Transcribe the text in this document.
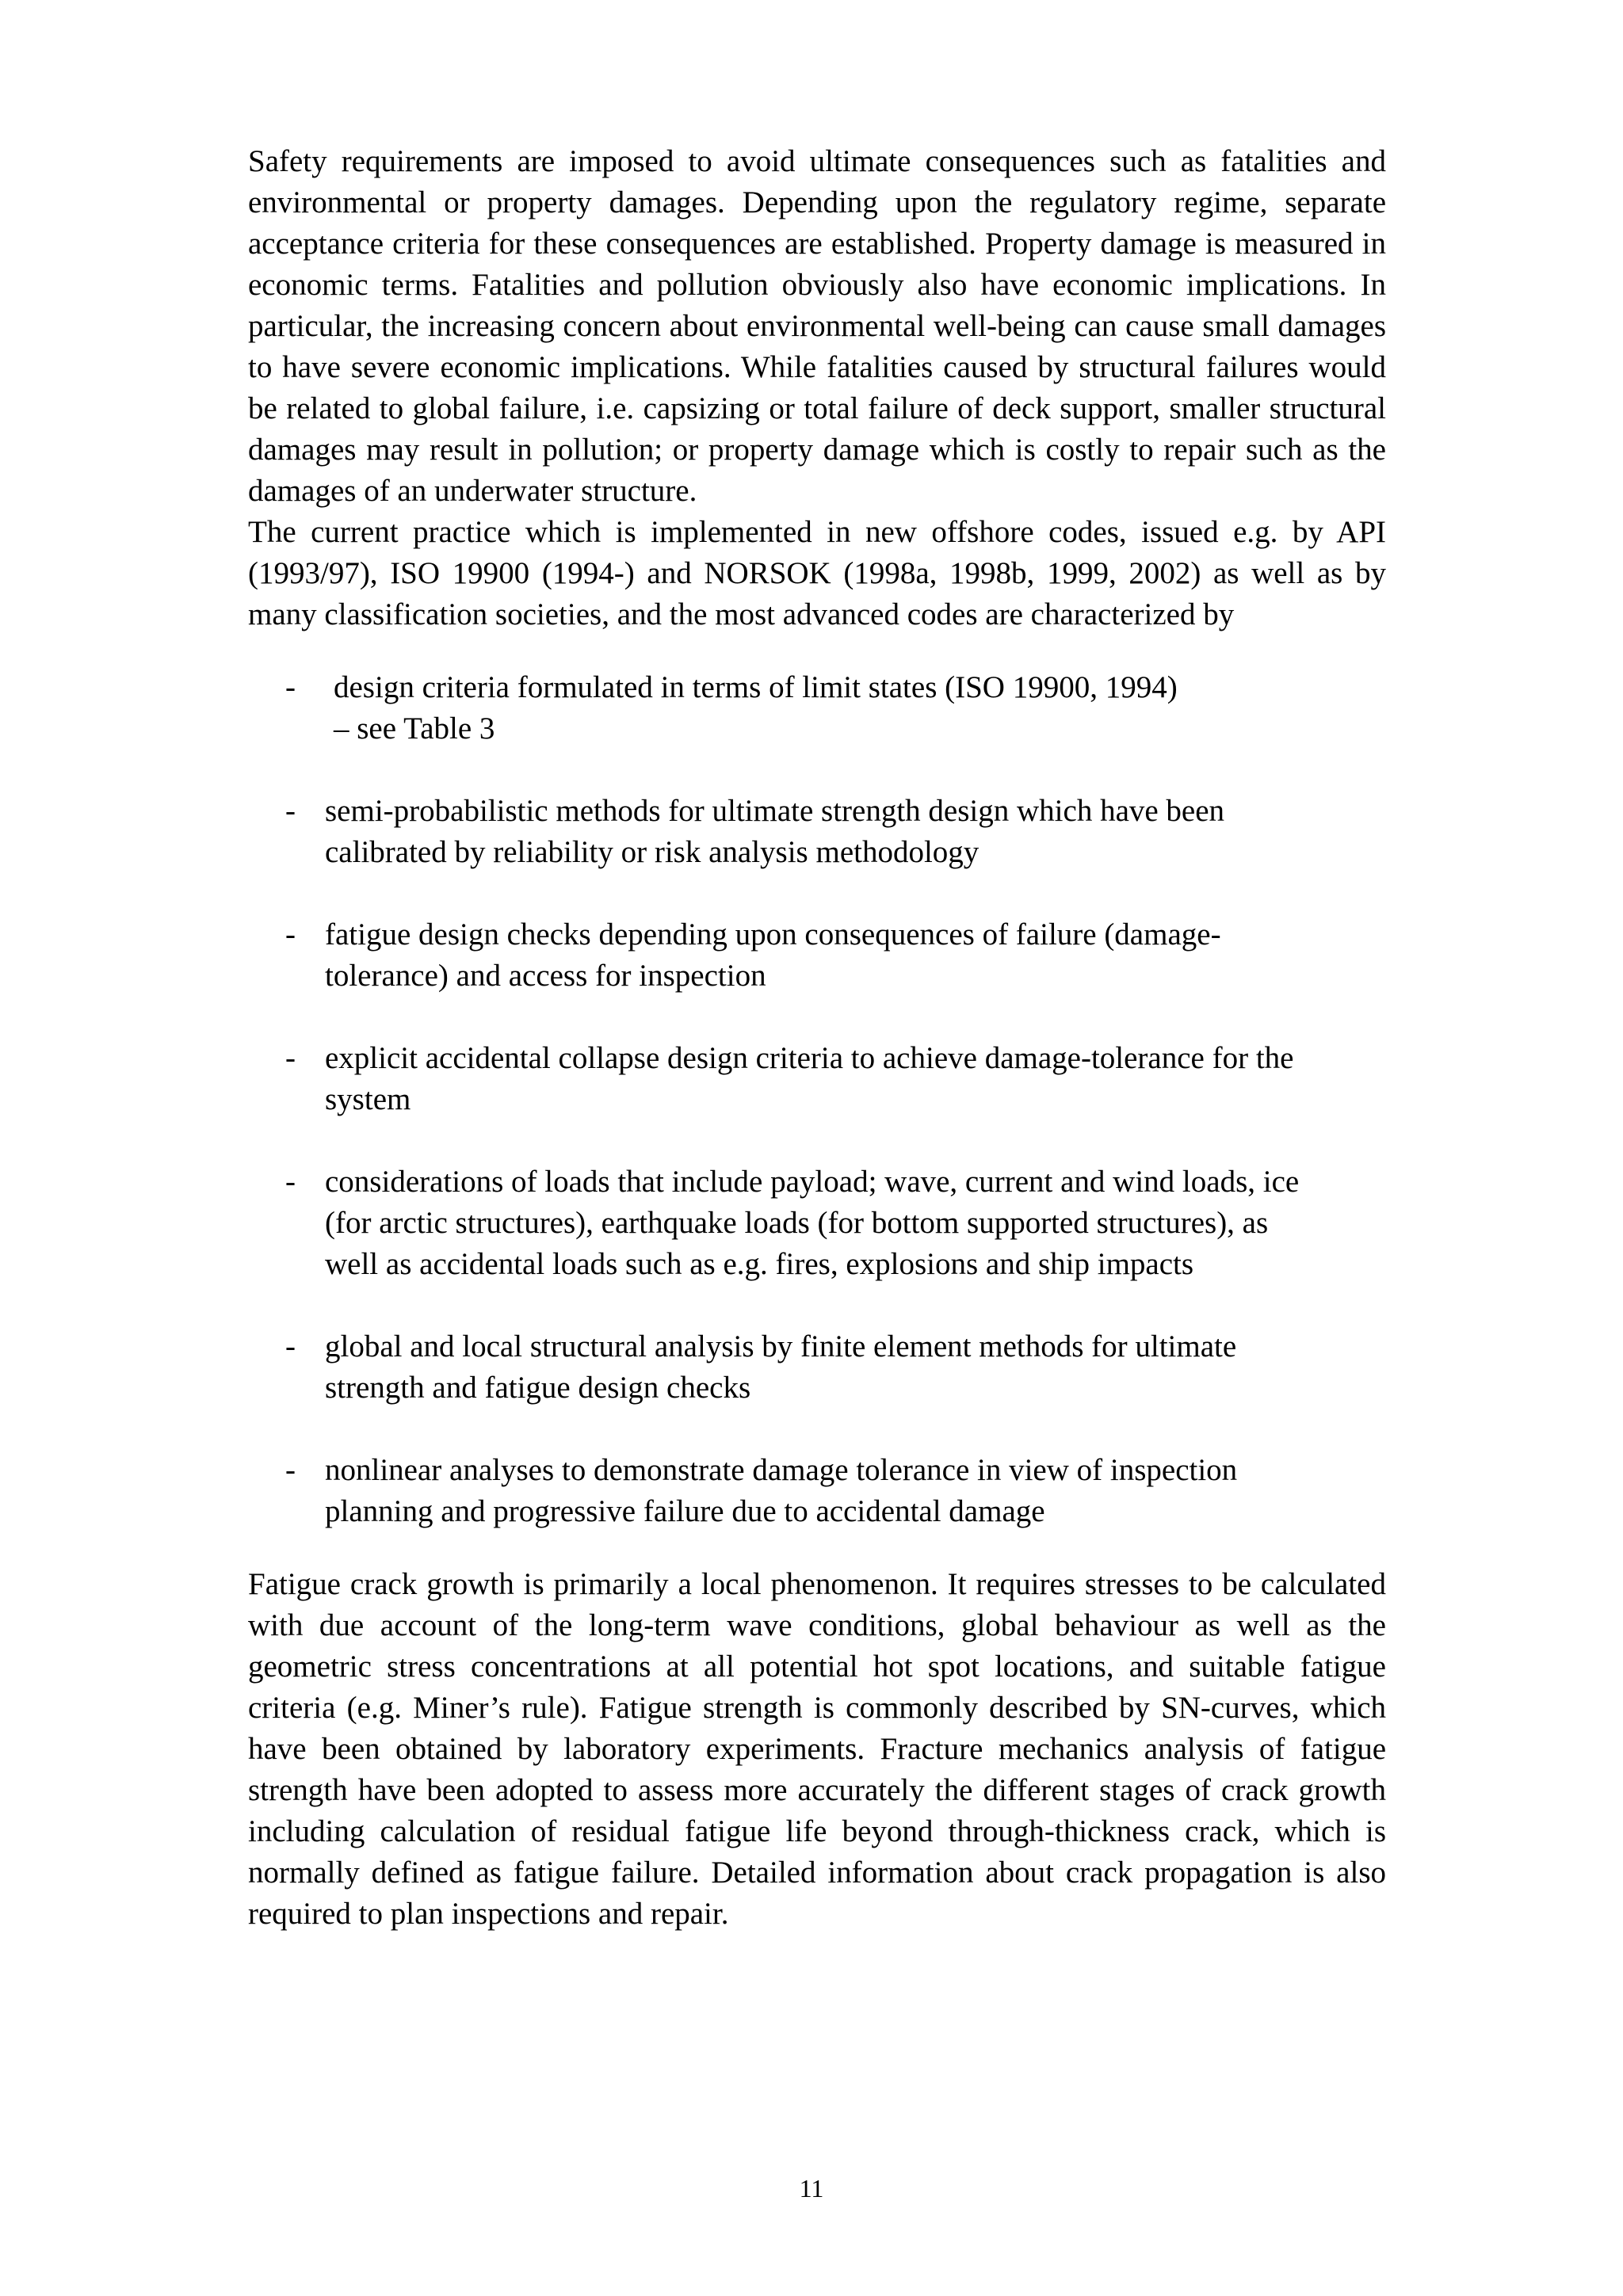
Safety requirements are imposed to avoid ultimate consequences such as fatalities and environmental or property damages. Depending upon the regulatory regime, separate acceptance criteria for these consequences are established. Property damage is measured in economic terms. Fatalities and pollution obviously also have economic implications. In particular, the increasing concern about environmental well-being can cause small damages to have severe economic implications. While fatalities caused by structural failures would be related to global failure, i.e. capsizing or total failure of deck support, smaller structural damages may result in pollution; or property damage which is costly to repair such as the damages of an underwater structure.

The current practice which is implemented in new offshore codes, issued e.g. by API (1993/97), ISO 19900 (1994-) and NORSOK (1998a, 1998b, 1999, 2002) as well as by many classification societies, and the most advanced codes are characterized by

- design criteria formulated in terms of limit states (ISO 19900, 1994)
– see Table 3
- semi-probabilistic methods for ultimate strength design which have been calibrated by reliability or risk analysis methodology
- fatigue design checks depending upon consequences of failure (damage-tolerance) and access for inspection
- explicit accidental collapse design criteria to achieve damage-tolerance for the system
- considerations of loads that include payload; wave, current and wind loads, ice (for arctic structures), earthquake loads (for bottom supported structures), as well as accidental loads such as e.g. fires, explosions and ship impacts
- global and local structural analysis by finite element methods for ultimate strength and fatigue design checks
- nonlinear analyses to demonstrate damage tolerance in view of inspection planning and progressive failure due to accidental damage

Fatigue crack growth is primarily a local phenomenon. It requires stresses to be calculated with due account of the long-term wave conditions, global behaviour as well as the geometric stress concentrations at all potential hot spot locations, and suitable fatigue criteria (e.g. Miner’s rule). Fatigue strength is commonly described by SN-curves, which have been obtained by laboratory experiments. Fracture mechanics analysis of fatigue strength have been adopted to assess more accurately the different stages of crack growth including calculation of residual fatigue life beyond through-thickness crack, which is normally defined as fatigue failure. Detailed information about crack propagation is also required to plan inspections and repair.

11
